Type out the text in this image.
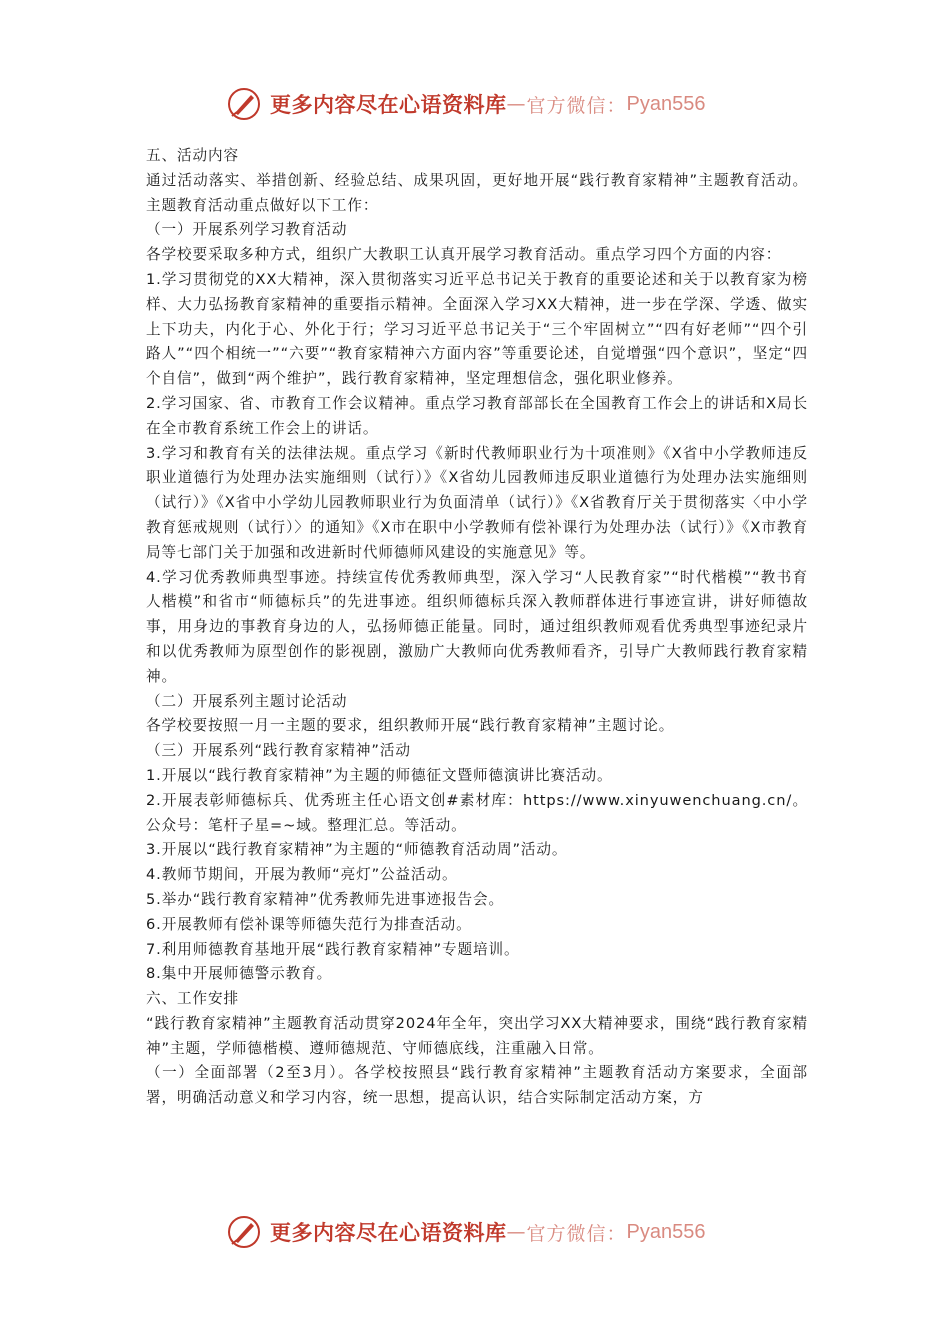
更多内容尽在心语资料库 — 官方微信： Pyan556

五、活动内容

通过活动落实、举措创新、经验总结、成果巩固，更好地开展“践行教育家精神”主题教育活动。主题教育活动重点做好以下工作：

（一）开展系列学习教育活动

各学校要采取多种方式，组织广大教职工认真开展学习教育活动。重点学习四个方面的内容：

1.学习贯彻党的XX大精神，深入贯彻落实习近平总书记关于教育的重要论述和关于以教育家为榜样、大力弘扬教育家精神的重要指示精神。全面深入学习XX大精神，进一步在学深、学透、做实上下功夫，内化于心、外化于行；学习习近平总书记关于“三个牢固树立”“四有好老师”“四个引路人”“四个相统一”“六要”“教育家精神六方面内容”等重要论述，自觉增强“四个意识”，坚定“四个自信”，做到“两个维护”，践行教育家精神，坚定理想信念，强化职业修养。

2.学习国家、省、市教育工作会议精神。重点学习教育部部长在全国教育工作会上的讲话和X局长在全市教育系统工作会上的讲话。

3.学习和教育有关的法律法规。重点学习《新时代教师职业行为十项准则》《X省中小学教师违反职业道德行为处理办法实施细则（试行）》《X省幼儿园教师违反职业道德行为处理办法实施细则（试行）》《X省中小学幼儿园教师职业行为负面清单（试行）》《X省教育厅关于贯彻落实〈中小学教育惩戒规则（试行）〉的通知》《X市在职中小学教师有偿补课行为处理办法（试行）》《X市教育局等七部门关于加强和改进新时代师德师风建设的实施意见》等。

4.学习优秀教师典型事迹。持续宣传优秀教师典型，深入学习“人民教育家”“时代楷模”“教书育人楷模”和省市“师德标兵”的先进事迹。组织师德标兵深入教师群体进行事迹宣讲，讲好师德故事，用身边的事教育身边的人，弘扬师德正能量。同时，通过组织教师观看优秀典型事迹纪录片和以优秀教师为原型创作的影视剧，激励广大教师向优秀教师看齐，引导广大教师践行教育家精神。

（二）开展系列主题讨论活动

各学校要按照一月一主题的要求，组织教师开展“践行教育家精神”主题讨论。

（三）开展系列“践行教育家精神”活动

1.开展以“践行教育家精神”为主题的师德征文暨师德演讲比赛活动。

2.开展表彰师德标兵、优秀班主任心语文创#素材库：https://www.xinyuwenchuang.cn/。公众号：笔杆子星=~域。整理汇总。等活动。

3.开展以“践行教育家精神”为主题的“师德教育活动周”活动。

4.教师节期间，开展为教师“亮灯”公益活动。

5.举办“践行教育家精神”优秀教师先进事迹报告会。

6.开展教师有偿补课等师德失范行为排查活动。

7.利用师德教育基地开展“践行教育家精神”专题培训。

8.集中开展师德警示教育。

六、工作安排

“践行教育家精神”主题教育活动贯穿2024年全年，突出学习XX大精神要求，围绕“践行教育家精神”主题，学师德楷模、遵师德规范、守师德底线，注重融入日常。

（一）全面部署（2至3月）。各学校按照县“践行教育家精神”主题教育活动方案要求，全面部署，明确活动意义和学习内容，统一思想，提高认识，结合实际制定活动方案，方

更多内容尽在心语资料库 — 官方微信： Pyan556
